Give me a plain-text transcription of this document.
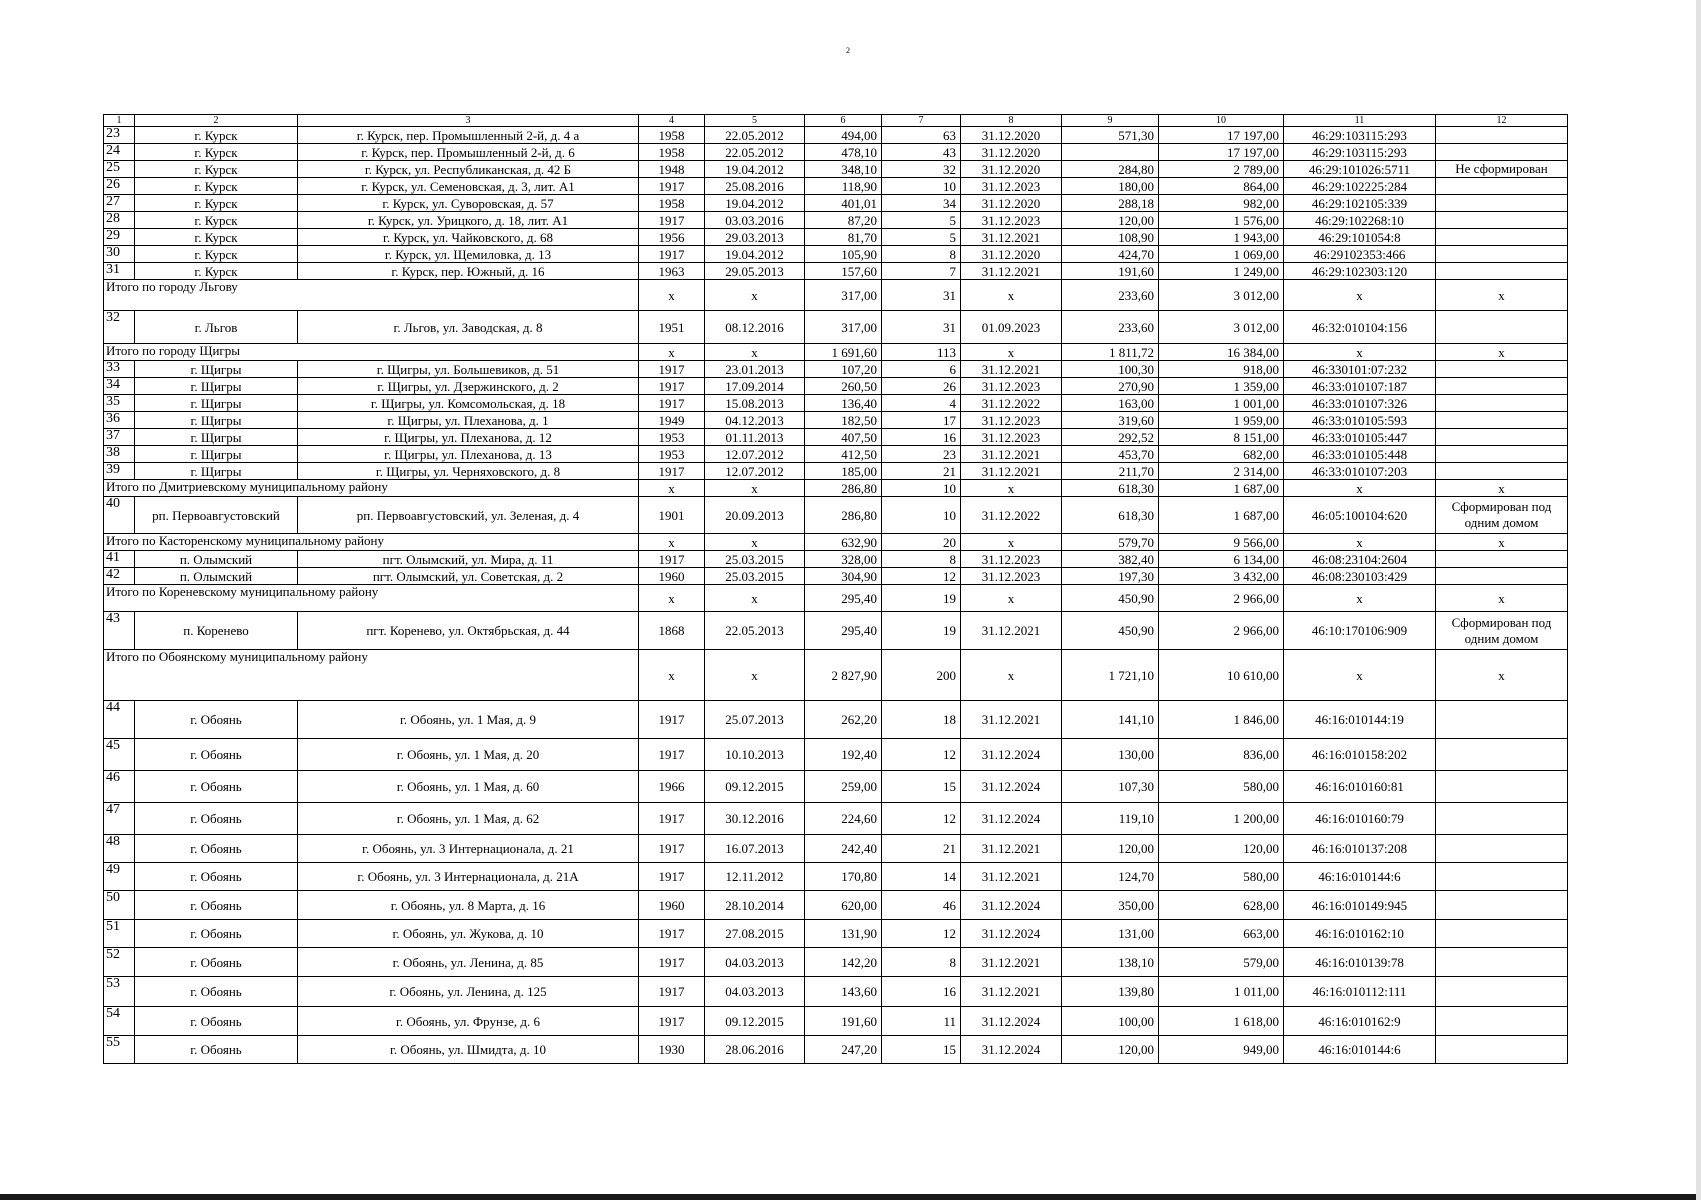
2
1	2	3	4	5	6	7	8	9	10	11	12
23	г. Курск	г. Курск, пер. Промышленный 2-й, д. 4 а	1958	22.05.2012	494,00	63	31.12.2020	571,30	17 197,00	46:29:103115:293	
24	г. Курск	г. Курск, пер. Промышленный 2-й, д. 6	1958	22.05.2012	478,10	43	31.12.2020		17 197,00	46:29:103115:293	
25	г. Курск	г. Курск, ул. Республиканская, д. 42 Б	1948	19.04.2012	348,10	32	31.12.2020	284,80	2 789,00	46:29:101026:5711	Не сформирован
26	г. Курск	г. Курск, ул. Семеновская, д. 3, лит. А1	1917	25.08.2016	118,90	10	31.12.2023	180,00	864,00	46:29:102225:284	
27	г. Курск	г. Курск, ул. Суворовская, д. 57	1958	19.04.2012	401,01	34	31.12.2020	288,18	982,00	46:29:102105:339	
28	г. Курск	г. Курск, ул. Урицкого, д. 18, лит. А1	1917	03.03.2016	87,20	5	31.12.2023	120,00	1 576,00	46:29:102268:10	
29	г. Курск	г. Курск, ул. Чайковского, д. 68	1956	29.03.2013	81,70	5	31.12.2021	108,90	1 943,00	46:29:101054:8	
30	г. Курск	г. Курск, ул. Щемиловка, д. 13	1917	19.04.2012	105,90	8	31.12.2020	424,70	1 069,00	46:29102353:466	
31	г. Курск	г. Курск, пер. Южный, д. 16	1963	29.05.2013	157,60	7	31.12.2021	191,60	1 249,00	46:29:102303:120	
Итого по городу Льгову			х	х	317,00	31	х	233,60	3 012,00	х	х
32	г. Льгов	г. Льгов, ул. Заводская, д. 8	1951	08.12.2016	317,00	31	01.09.2023	233,60	3 012,00	46:32:010104:156	
Итого по городу Щигры			х	х	1 691,60	113	х	1 811,72	16 384,00	х	х
33	г. Щигры	г. Щигры, ул. Большевиков, д. 51	1917	23.01.2013	107,20	6	31.12.2021	100,30	918,00	46:330101:07:232	
34	г. Щигры	г. Щигры, ул. Дзержинского, д. 2	1917	17.09.2014	260,50	26	31.12.2023	270,90	1 359,00	46:33:010107:187	
35	г. Щигры	г. Щигры, ул. Комсомольская, д. 18	1917	15.08.2013	136,40	4	31.12.2022	163,00	1 001,00	46:33:010107:326	
36	г. Щигры	г. Щигры, ул. Плеханова, д. 1	1949	04.12.2013	182,50	17	31.12.2023	319,60	1 959,00	46:33:010105:593	
37	г. Щигры	г. Щигры, ул. Плеханова, д. 12	1953	01.11.2013	407,50	16	31.12.2023	292,52	8 151,00	46:33:010105:447	
38	г. Щигры	г. Щигры, ул. Плеханова, д. 13	1953	12.07.2012	412,50	23	31.12.2021	453,70	682,00	46:33:010105:448	
39	г. Щигры	г. Щигры, ул. Черняховского, д. 8	1917	12.07.2012	185,00	21	31.12.2021	211,70	2 314,00	46:33:010107:203	
Итого по Дмитриевскому муниципальному району			х	х	286,80	10	х	618,30	1 687,00	х	х
40	рп. Первоавгустовский	рп. Первоавгустовский, ул. Зеленая, д. 4	1901	20.09.2013	286,80	10	31.12.2022	618,30	1 687,00	46:05:100104:620	Сформирован под одним домом
Итого по Касторенскому муниципальному району			х	х	632,90	20	х	579,70	9 566,00	х	х
41	п. Олымский	пгт. Олымский, ул. Мира, д. 11	1917	25.03.2015	328,00	8	31.12.2023	382,40	6 134,00	46:08:23104:2604	
42	п. Олымский	пгт. Олымский, ул. Советская, д. 2	1960	25.03.2015	304,90	12	31.12.2023	197,30	3 432,00	46:08:230103:429	
Итого по Кореневскому муниципальному району			х	х	295,40	19	х	450,90	2 966,00	х	х
43	п. Коренево	пгт. Коренево, ул. Октябрьская, д. 44	1868	22.05.2013	295,40	19	31.12.2021	450,90	2 966,00	46:10:170106:909	Сформирован под одним домом
Итого по Обоянскому муниципальному району			х	х	2 827,90	200	х	1 721,10	10 610,00	х	х
44	г. Обоянь	г. Обоянь, ул. 1 Мая, д. 9	1917	25.07.2013	262,20	18	31.12.2021	141,10	1 846,00	46:16:010144:19	
45	г. Обоянь	г. Обоянь, ул. 1 Мая, д. 20	1917	10.10.2013	192,40	12	31.12.2024	130,00	836,00	46:16:010158:202	
46	г. Обоянь	г. Обоянь, ул. 1 Мая, д. 60	1966	09.12.2015	259,00	15	31.12.2024	107,30	580,00	46:16:010160:81	
47	г. Обоянь	г. Обоянь, ул. 1 Мая, д. 62	1917	30.12.2016	224,60	12	31.12.2024	119,10	1 200,00	46:16:010160:79	
48	г. Обоянь	г. Обоянь, ул. 3 Интернационала, д. 21	1917	16.07.2013	242,40	21	31.12.2021	120,00	120,00	46:16:010137:208	
49	г. Обоянь	г. Обоянь, ул. 3 Интернационала, д. 21А	1917	12.11.2012	170,80	14	31.12.2021	124,70	580,00	46:16:010144:6	
50	г. Обоянь	г. Обоянь, ул. 8 Марта, д. 16	1960	28.10.2014	620,00	46	31.12.2024	350,00	628,00	46:16:010149:945	
51	г. Обоянь	г. Обоянь, ул. Жукова, д. 10	1917	27.08.2015	131,90	12	31.12.2024	131,00	663,00	46:16:010162:10	
52	г. Обоянь	г. Обоянь, ул. Ленина, д. 85	1917	04.03.2013	142,20	8	31.12.2021	138,10	579,00	46:16:010139:78	
53	г. Обоянь	г. Обоянь, ул. Ленина, д. 125	1917	04.03.2013	143,60	16	31.12.2021	139,80	1 011,00	46:16:010112:111	
54	г. Обоянь	г. Обоянь, ул. Фрунзе, д. 6	1917	09.12.2015	191,60	11	31.12.2024	100,00	1 618,00	46:16:010162:9	
55	г. Обоянь	г. Обоянь, ул. Шмидта, д. 10	1930	28.06.2016	247,20	15	31.12.2024	120,00	949,00	46:16:010144:6	
